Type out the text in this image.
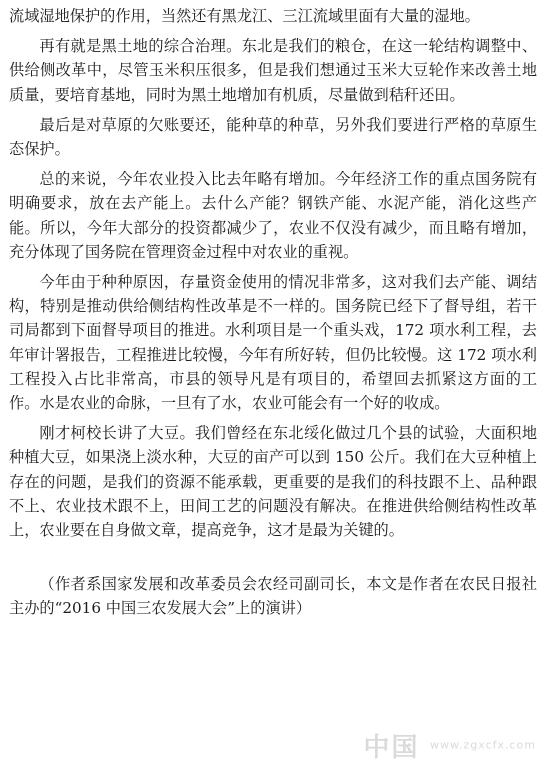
流域湿地保护的作用，当然还有黑龙江、三江流域里面有大量的湿地。

再有就是黑土地的综合治理。东北是我们的粮仓，在这一轮结构调整中、供给侧改革中，尽管玉米积压很多，但是我们想通过玉米大豆轮作来改善土地质量，要培育基地，同时为黑土地增加有机质，尽量做到秸秆还田。

最后是对草原的欠账要还，能种草的种草，另外我们要进行严格的草原生态保护。

总的来说，今年农业投入比去年略有增加。今年经济工作的重点国务院有明确要求，放在去产能上。去什么产能？钢铁产能、水泥产能，消化这些产能。所以，今年大部分的投资都减少了，农业不仅没有减少，而且略有增加，充分体现了国务院在管理资金过程中对农业的重视。

今年由于种种原因，存量资金使用的情况非常多，这对我们去产能、调结构，特别是推动供给侧结构性改革是不一样的。国务院已经下了督导组，若干司局都到下面督导项目的推进。水利项目是一个重头戏，172 项水利工程，去年审计署报告，工程推进比较慢，今年有所好转，但仍比较慢。这 172 项水利工程投入占比非常高，市县的领导凡是有项目的，希望回去抓紧这方面的工作。水是农业的命脉，一旦有了水，农业可能会有一个好的收成。

刚才柯校长讲了大豆。我们曾经在东北绥化做过几个县的试验，大面积地种植大豆，如果浇上淡水种，大豆的亩产可以到 150 公斤。我们在大豆种植上存在的问题，是我们的资源不能承载，更重要的是我们的科技跟不上、品种跟不上、农业技术跟不上，田间工艺的问题没有解决。在推进供给侧结构性改革上，农业要在自身做文章，提高竞争，这才是最为关键的。

（作者系国家发展和改革委员会农经司副司长，本文是作者在农民日报社主办的“2016 中国三农发展大会”上的演讲）

中国 www.zgxcfx.com
